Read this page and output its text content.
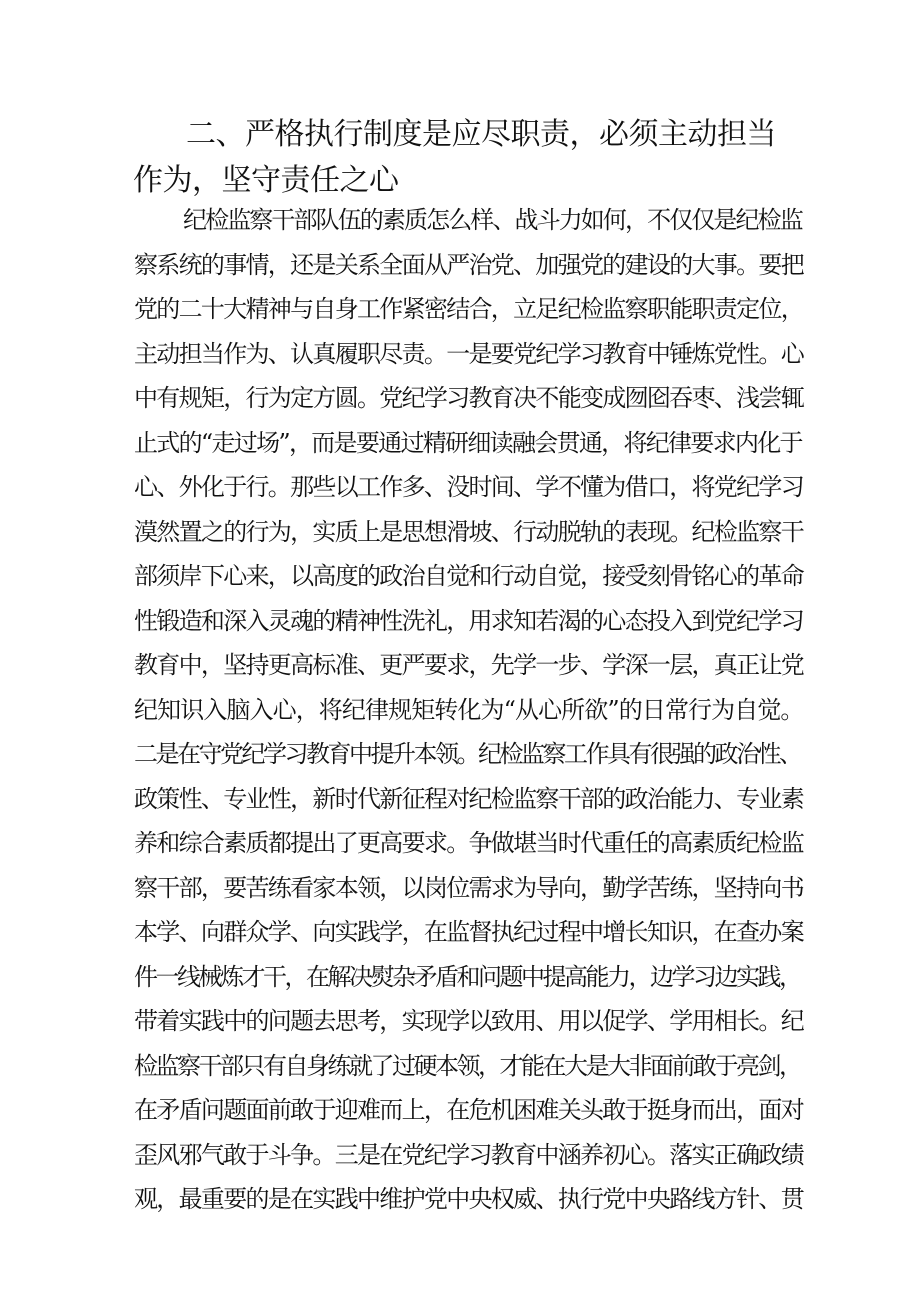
二、严格执行制度是应尽职责，必须主动担当作为，坚守责任之心
纪检监察干部队伍的素质怎么样、战斗力如何，不仅仅是纪检监
察系统的事情，还是关系全面从严治党、加强党的建设的大事。要把
党的二十大精神与自身工作紧密结合，立足纪检监察职能职责定位，
主动担当作为、认真履职尽责。一是要党纪学习教育中锤炼党性。心
中有规矩，行为定方圆。党纪学习教育决不能变成囫囵吞枣、浅尝辄
止式的“走过场”，而是要通过精研细读融会贯通，将纪律要求内化于
心、外化于行。那些以工作多、没时间、学不懂为借口，将党纪学习
漠然置之的行为，实质上是思想滑坡、行动脱轨的表现。纪检监察干
部须岸下心来，以高度的政治自觉和行动自觉，接受刻骨铭心的革命
性锻造和深入灵魂的精神性洗礼，用求知若渴的心态投入到党纪学习
教育中，坚持更高标准、更严要求，先学一步、学深一层，真正让党
纪知识入脑入心，将纪律规矩转化为“从心所欲”的日常行为自觉。
二是在守党纪学习教育中提升本领。纪检监察工作具有很强的政治性、
政策性、专业性，新时代新征程对纪检监察干部的政治能力、专业素
养和综合素质都提出了更高要求。争做堪当时代重任的高素质纪检监
察干部，要苦练看家本领，以岗位需求为导向，勤学苦练，坚持向书
本学、向群众学、向实践学，在监督执纪过程中增长知识，在查办案
件一线械炼才干，在解决熨杂矛盾和问题中提高能力，边学习边实践，
带着实践中的问题去思考，实现学以致用、用以促学、学用相长。纪
检监察干部只有自身练就了过硬本领，才能在大是大非面前敢于亮剑，
在矛盾问题面前敢于迎难而上，在危机困难关头敢于挺身而出，面对
歪风邪气敢于斗争。三是在党纪学习教育中涵养初心。落实正确政绩
观，最重要的是在实践中维护党中央权威、执行党中央路线方针、贯
